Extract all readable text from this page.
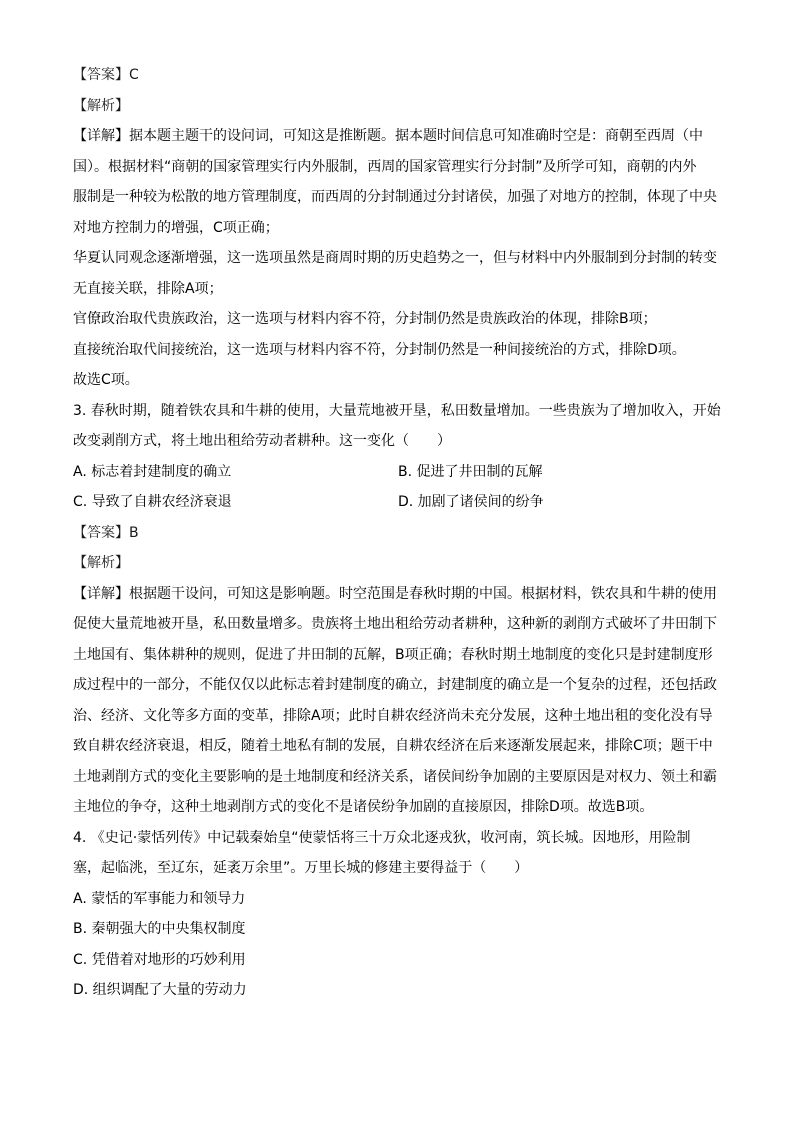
【答案】C
【解析】
【详解】据本题主题干的设问词，可知这是推断题。据本题时间信息可知准确时空是：商朝至西周（中
国）。根据材料“商朝的国家管理实行内外服制，西周的国家管理实行分封制”及所学可知，商朝的内外
服制是一种较为松散的地方管理制度，而西周的分封制通过分封诸侯，加强了对地方的控制，体现了中央
对地方控制力的增强，C项正确；
华夏认同观念逐渐增强，这一选项虽然是商周时期的历史趋势之一，但与材料中内外服制到分封制的转变
无直接关联，排除A项；
官僚政治取代贵族政治，这一选项与材料内容不符，分封制仍然是贵族政治的体现，排除B项；
直接统治取代间接统治，这一选项与材料内容不符，分封制仍然是一种间接统治的方式，排除D项。
故选C项。
3. 春秋时期，随着铁农具和牛耕的使用，大量荒地被开垦，私田数量增加。一些贵族为了增加收入，开始
改变剥削方式，将土地出租给劳动者耕种。这一变化（　　）
A. 标志着封建制度的确立	B. 促进了井田制的瓦解
C. 导致了自耕农经济衰退	D. 加剧了诸侯间的纷争
【答案】B
【解析】
【详解】根据题干设问，可知这是影响题。时空范围是春秋时期的中国。根据材料，铁农具和牛耕的使用
促使大量荒地被开垦，私田数量增多。贵族将土地出租给劳动者耕种，这种新的剥削方式破坏了井田制下
土地国有、集体耕种的规则，促进了井田制的瓦解，B项正确；春秋时期土地制度的变化只是封建制度形
成过程中的一部分，不能仅仅以此标志着封建制度的确立，封建制度的确立是一个复杂的过程，还包括政
治、经济、文化等多方面的变革，排除A项；此时自耕农经济尚未充分发展，这种土地出租的变化没有导
致自耕农经济衰退，相反，随着土地私有制的发展，自耕农经济在后来逐渐发展起来，排除C项；题干中
土地剥削方式的变化主要影响的是土地制度和经济关系，诸侯间纷争加剧的主要原因是对权力、领土和霸
主地位的争夺，这种土地剥削方式的变化不是诸侯纷争加剧的直接原因，排除D项。故选B项。
4. 《史记·蒙恬列传》中记载秦始皇“使蒙恬将三十万众北逐戎狄，收河南，筑长城。因地形，用险制
塞，起临洮，至辽东，延袤万余里”。万里长城的修建主要得益于（　　）
A. 蒙恬的军事能力和领导力
B. 秦朝强大的中央集权制度
C. 凭借着对地形的巧妙利用
D. 组织调配了大量的劳动力
